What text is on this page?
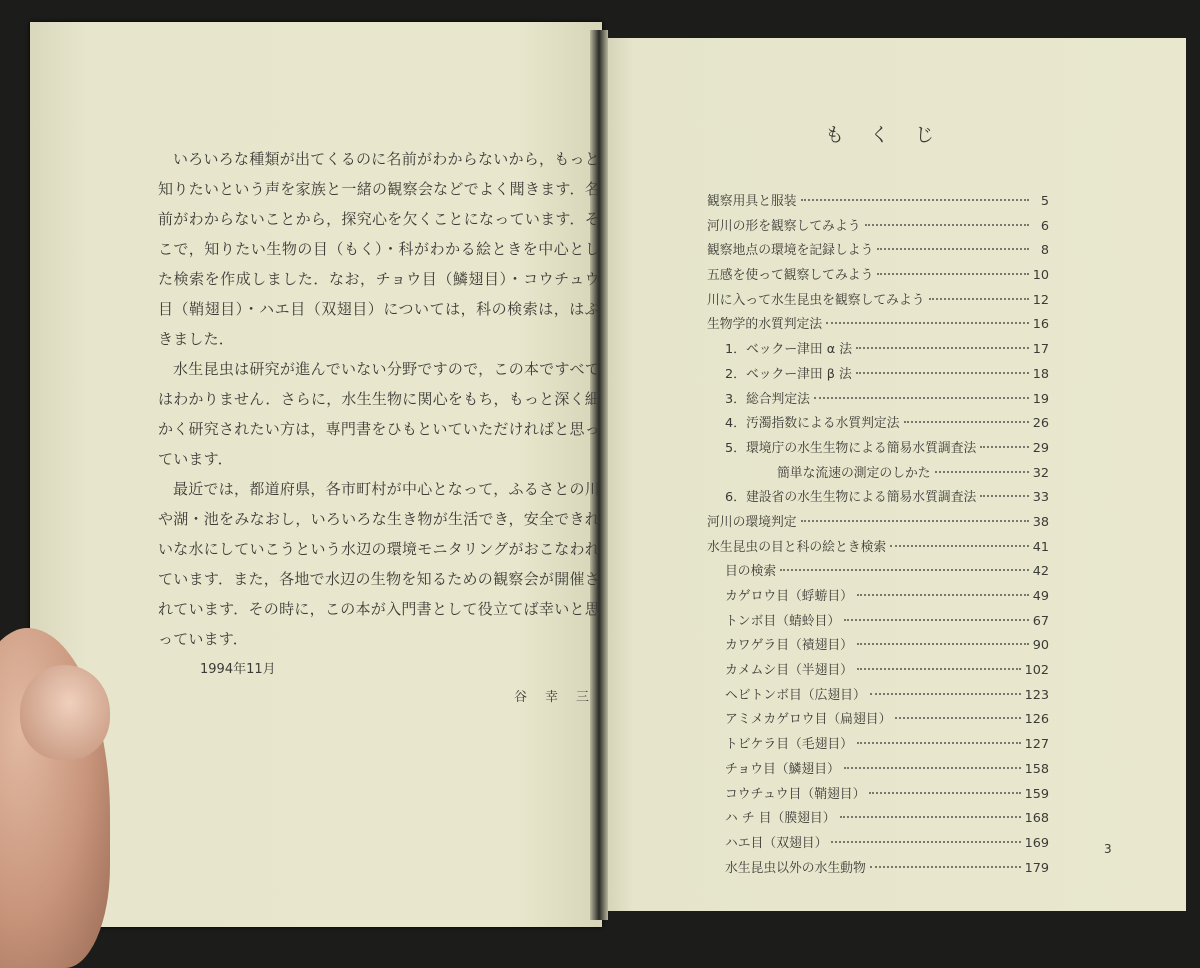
いろいろな種類が出てくるのに名前がわからないから，もっと知りたいという声を家族と一緒の観察会などでよく聞きます．名前がわからないことから，探究心を欠くことになっています．そこで，知りたい生物の目（もく）・科がわかる絵ときを中心とした検索を作成しました．なお，チョウ目（鱗翅目）・コウチュウ目（鞘翅目）・ハエ目（双翅目）については，科の検索は，はぶきました．

水生昆虫は研究が進んでいない分野ですので，この本ですべてはわかりません．さらに，水生生物に関心をもち，もっと深く細かく研究されたい方は，専門書をひもといていただければと思っています．

最近では，都道府県，各市町村が中心となって，ふるさとの川や湖・池をみなおし，いろいろな生き物が生活でき，安全できれいな水にしていこうという水辺の環境モニタリングがおこなわれています．また，各地で水辺の生物を知るための観察会が開催されています．その時に，この本が入門書として役立てば幸いと思っています．

1994年11月
谷幸三
もくじ
観察用具と服装	5
河川の形を観察してみよう	6
観察地点の環境を記録しよう	8
五感を使って観察してみよう	10
川に入って水生昆虫を観察してみよう	12
生物学的水質判定法	16
1．ベックー津田 α 法	17
2．ベックー津田 β 法	18
3．総合判定法	19
4．汚濁指数による水質判定法	26
5．環境庁の水生生物による簡易水質調査法	29
簡単な流速の測定のしかた	32
6．建設省の水生生物による簡易水質調査法	33
河川の環境判定	38
水生昆虫の目と科の絵とき検索	41
目の検索	42
カゲロウ目（蜉蝣目）	49
トンボ目（蜻蛉目）	67
カワゲラ目（襀翅目）	90
カメムシ目（半翅目）	102
ヘビトンボ目（広翅目）	123
アミメカゲロウ目（扁翅目）	126
トビケラ目（毛翅目）	127
チョウ目（鱗翅目）	158
コウチュウ目（鞘翅目）	159
ハ チ 目（膜翅目）	168
ハエ目（双翅目）	169
水生昆虫以外の水生動物	179
3
